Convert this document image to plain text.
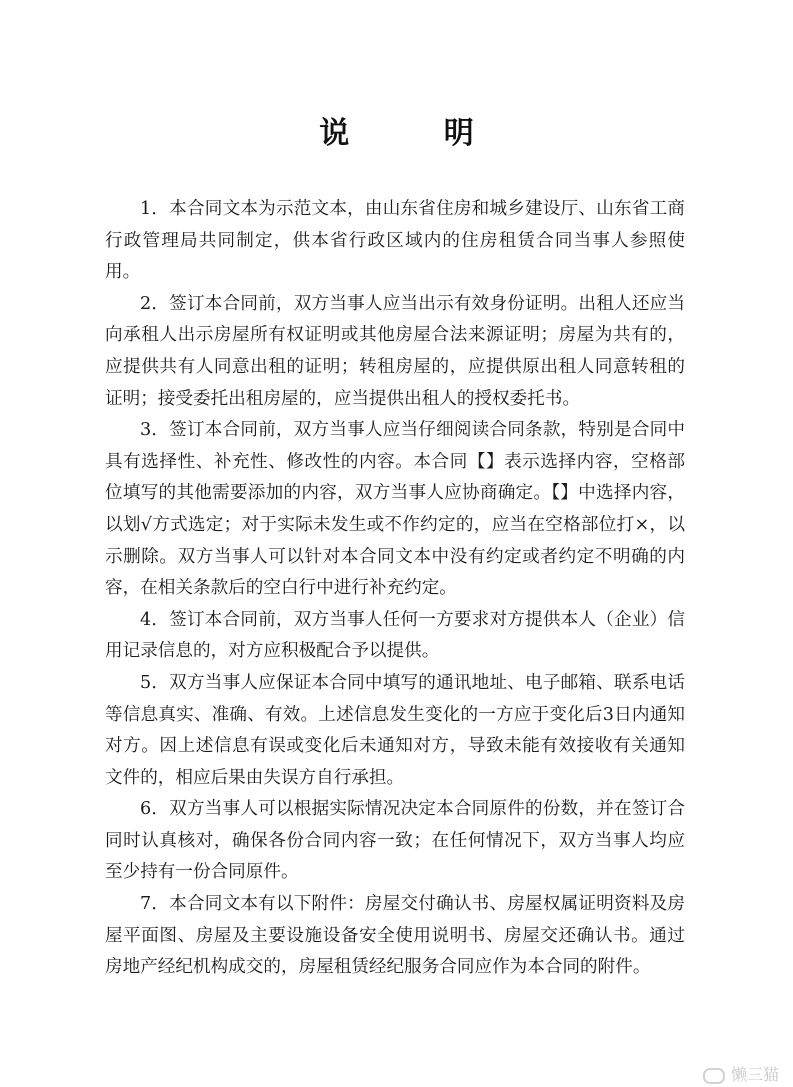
说 明

1．本合同文本为示范文本，由山东省住房和城乡建设厅、山东省工商行政管理局共同制定，供本省行政区域内的住房租赁合同当事人参照使用。

2．签订本合同前，双方当事人应当出示有效身份证明。出租人还应当向承租人出示房屋所有权证明或其他房屋合法来源证明；房屋为共有的，应提供共有人同意出租的证明；转租房屋的，应提供原出租人同意转租的证明；接受委托出租房屋的，应当提供出租人的授权委托书。

3．签订本合同前，双方当事人应当仔细阅读合同条款，特别是合同中具有选择性、补充性、修改性的内容。本合同【】表示选择内容，空格部位填写的其他需要添加的内容，双方当事人应协商确定。【】中选择内容，以划√方式选定；对于实际未发生或不作约定的，应当在空格部位打×，以示删除。双方当事人可以针对本合同文本中没有约定或者约定不明确的内容，在相关条款后的空白行中进行补充约定。

4．签订本合同前，双方当事人任何一方要求对方提供本人（企业）信用记录信息的，对方应积极配合予以提供。

5．双方当事人应保证本合同中填写的通讯地址、电子邮箱、联系电话等信息真实、准确、有效。上述信息发生变化的一方应于变化后3日内通知对方。因上述信息有误或变化后未通知对方，导致未能有效接收有关通知文件的，相应后果由失误方自行承担。

6．双方当事人可以根据实际情况决定本合同原件的份数，并在签订合同时认真核对，确保各份合同内容一致；在任何情况下，双方当事人均应至少持有一份合同原件。

7．本合同文本有以下附件：房屋交付确认书、房屋权属证明资料及房屋平面图、房屋及主要设施设备安全使用说明书、房屋交还确认书。通过房地产经纪机构成交的，房屋租赁经纪服务合同应作为本合同的附件。

懒三猫
